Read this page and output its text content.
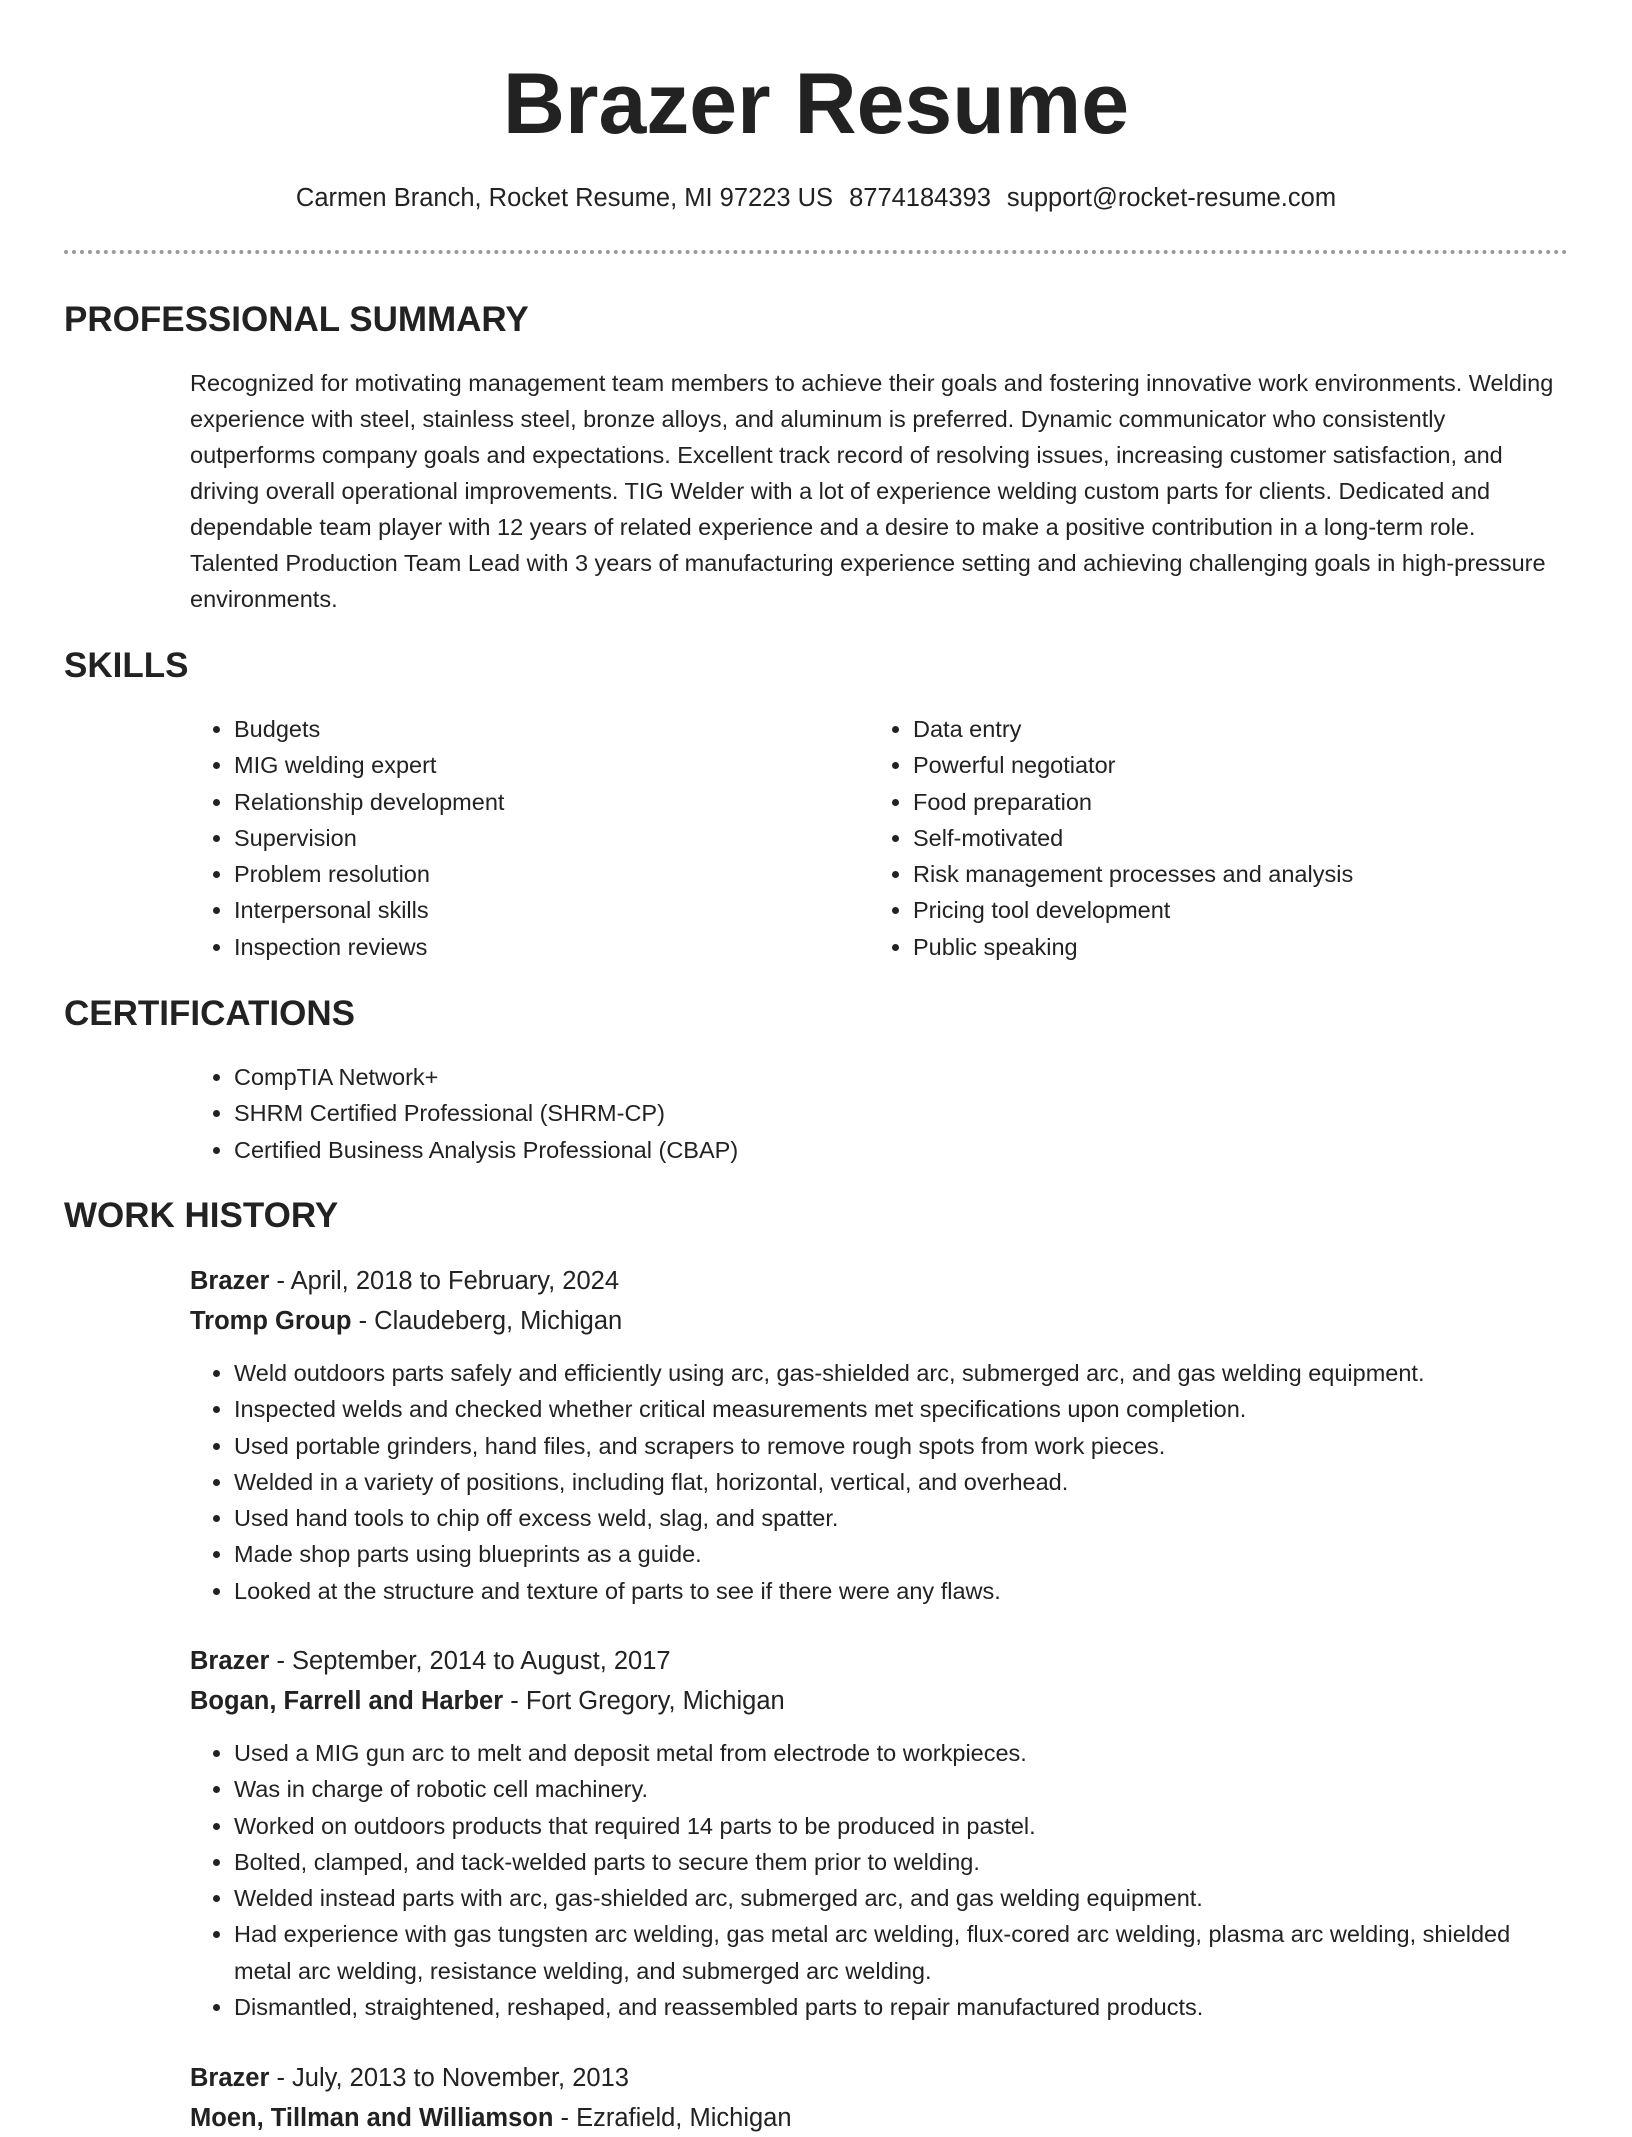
Brazer Resume
Carmen Branch, Rocket Resume, MI 97223 US 8774184393 support@rocket-resume.com
PROFESSIONAL SUMMARY

Recognized for motivating management team members to achieve their goals and fostering innovative work environments. Welding experience with steel, stainless steel, bronze alloys, and aluminum is preferred. Dynamic communicator who consistently outperforms company goals and expectations. Excellent track record of resolving issues, increasing customer satisfaction, and driving overall operational improvements. TIG Welder with a lot of experience welding custom parts for clients. Dedicated and dependable team player with 12 years of related experience and a desire to make a positive contribution in a long-term role. Talented Production Team Lead with 3 years of manufacturing experience setting and achieving challenging goals in high-pressure environments.

SKILLS
• Budgets
• MIG welding expert
• Relationship development
• Supervision
• Problem resolution
• Interpersonal skills
• Inspection reviews
• Data entry
• Powerful negotiator
• Food preparation
• Self-motivated
• Risk management processes and analysis
• Pricing tool development
• Public speaking
CERTIFICATIONS
• CompTIA Network+
• SHRM Certified Professional (SHRM-CP)
• Certified Business Analysis Professional (CBAP)
WORK HISTORY
Brazer - April, 2018 to February, 2024
Tromp Group - Claudeberg, Michigan
• Weld outdoors parts safely and efficiently using arc, gas-shielded arc, submerged arc, and gas welding equipment.
• Inspected welds and checked whether critical measurements met specifications upon completion.
• Used portable grinders, hand files, and scrapers to remove rough spots from work pieces.
• Welded in a variety of positions, including flat, horizontal, vertical, and overhead.
• Used hand tools to chip off excess weld, slag, and spatter.
• Made shop parts using blueprints as a guide.
• Looked at the structure and texture of parts to see if there were any flaws.
Brazer - September, 2014 to August, 2017
Bogan, Farrell and Harber - Fort Gregory, Michigan
• Used a MIG gun arc to melt and deposit metal from electrode to workpieces.
• Was in charge of robotic cell machinery.
• Worked on outdoors products that required 14 parts to be produced in pastel.
• Bolted, clamped, and tack-welded parts to secure them prior to welding.
• Welded instead parts with arc, gas-shielded arc, submerged arc, and gas welding equipment.
• Had experience with gas tungsten arc welding, gas metal arc welding, flux-cored arc welding, plasma arc welding, shielded metal arc welding, resistance welding, and submerged arc welding.
• Dismantled, straightened, reshaped, and reassembled parts to repair manufactured products.
Brazer - July, 2013 to November, 2013
Moen, Tillman and Williamson - Ezrafield, Michigan
